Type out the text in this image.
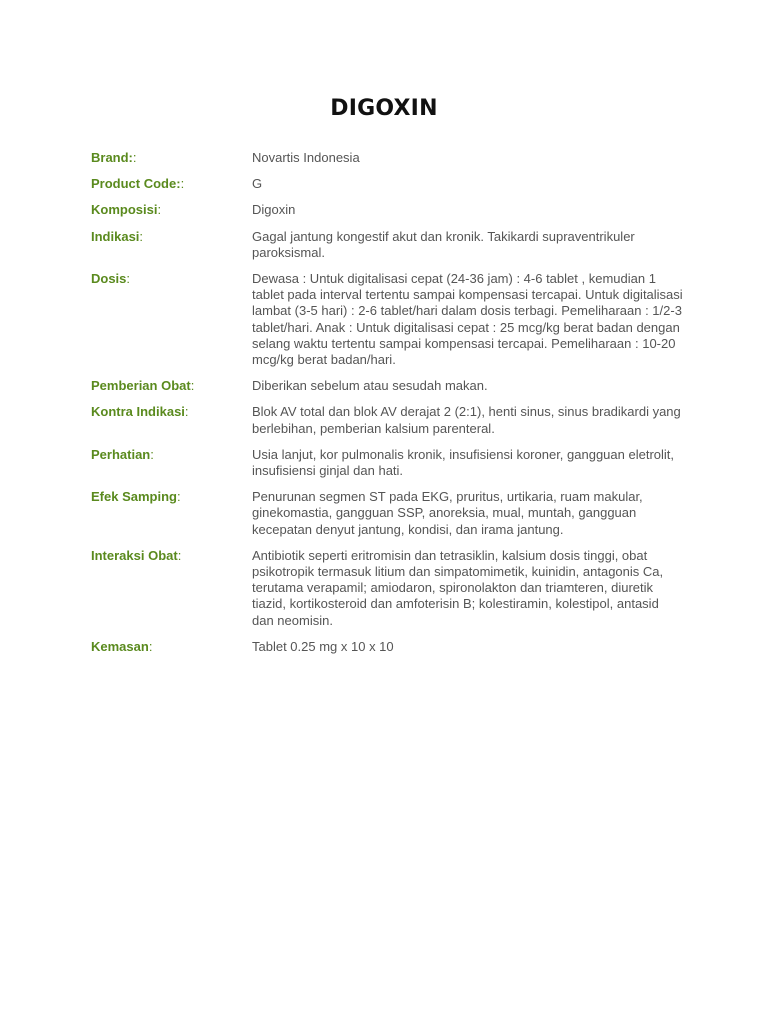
DIGOXIN
Brand::	Novartis Indonesia
Product Code::	G
Komposisi:	Digoxin
Indikasi:	Gagal jantung kongestif akut dan kronik. Takikardi supraventrikuler paroksismal.
Dosis:	Dewasa : Untuk digitalisasi cepat (24-36 jam) : 4-6 tablet , kemudian 1 tablet pada interval tertentu sampai kompensasi tercapai. Untuk digitalisasi lambat (3-5 hari) : 2-6 tablet/hari dalam dosis terbagi. Pemeliharaan : 1/2-3 tablet/hari. Anak : Untuk digitalisasi cepat : 25 mcg/kg berat badan dengan selang waktu tertentu sampai kompensasi tercapai. Pemeliharaan : 10-20 mcg/kg berat badan/hari.
Pemberian Obat:	Diberikan sebelum atau sesudah makan.
Kontra Indikasi:	Blok AV total dan blok AV derajat 2 (2:1), henti sinus, sinus bradikardi yang berlebihan, pemberian kalsium parenteral.
Perhatian:	Usia lanjut, kor pulmonalis kronik, insufisiensi koroner, gangguan eletrolit, insufisiensi ginjal dan hati.
Efek Samping:	Penurunan segmen ST pada EKG, pruritus, urtikaria, ruam makular, ginekomastia, gangguan SSP, anoreksia, mual, muntah, gangguan kecepatan denyut jantung, kondisi, dan irama jantung.
Interaksi Obat:	Antibiotik seperti eritromisin dan tetrasiklin, kalsium dosis tinggi, obat psikotropik termasuk litium dan simpatomimetik, kuinidin, antagonis Ca, terutama verapamil; amiodaron, spironolakton dan triamteren, diuretik tiazid, kortikosteroid dan amfoterisin B; kolestiramin, kolestipol, antasid dan neomisin.
Kemasan:	Tablet 0.25 mg x 10 x 10
